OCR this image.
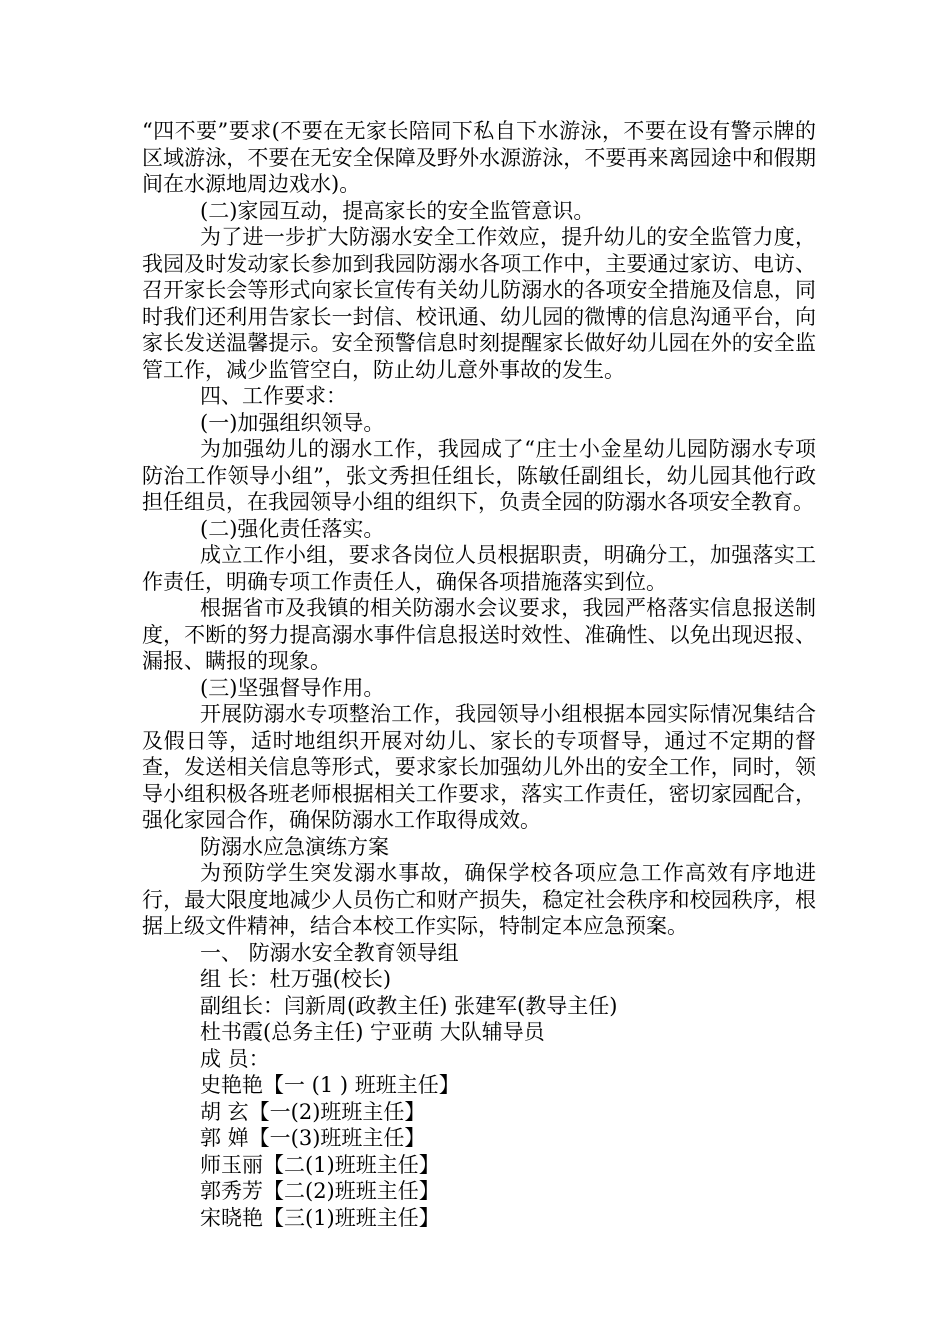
“四不要”要求(不要在无家长陪同下私自下水游泳，不要在设有警示牌的区域游泳，不要在无安全保障及野外水源游泳，不要再来离园途中和假期间在水源地周边戏水)。

(二)家园互动，提高家长的安全监管意识。

为了进一步扩大防溺水安全工作效应，提升幼儿的安全监管力度，我园及时发动家长参加到我园防溺水各项工作中，主要通过家访、电访、召开家长会等形式向家长宣传有关幼儿防溺水的各项安全措施及信息，同时我们还利用告家长一封信、校讯通、幼儿园的微博的信息沟通平台，向家长发送温馨提示。安全预警信息时刻提醒家长做好幼儿园在外的安全监管工作，减少监管空白，防止幼儿意外事故的发生。

四、工作要求：

(一)加强组织领导。

为加强幼儿的溺水工作，我园成了“庄士小金星幼儿园防溺水专项防治工作领导小组”，张文秀担任组长，陈敏任副组长，幼儿园其他行政担任组员，在我园领导小组的组织下，负责全园的防溺水各项安全教育。

(二)强化责任落实。

成立工作小组，要求各岗位人员根据职责，明确分工，加强落实工作责任，明确专项工作责任人，确保各项措施落实到位。

根据省市及我镇的相关防溺水会议要求，我园严格落实信息报送制度，不断的努力提高溺水事件信息报送时效性、准确性、以免出现迟报、漏报、瞒报的现象。

(三)坚强督导作用。

开展防溺水专项整治工作，我园领导小组根据本园实际情况集结合及假日等，适时地组织开展对幼儿、家长的专项督导，通过不定期的督查，发送相关信息等形式，要求家长加强幼儿外出的安全工作，同时，领导小组积极各班老师根据相关工作要求，落实工作责任，密切家园配合，强化家园合作，确保防溺水工作取得成效。

防溺水应急演练方案

为预防学生突发溺水事故，确保学校各项应急工作高效有序地进行，最大限度地减少人员伤亡和财产损失，稳定社会秩序和校园秩序，根据上级文件精神，结合本校工作实际，特制定本应急预案。

一、 防溺水安全教育领导组

组 长：杜万强(校长)

副组长：闫新周(政教主任) 张建军(教导主任)

杜书霞(总务主任) 宁亚萌 大队辅导员

成 员：

史艳艳【一 (1 ) 班班主任】

胡 玄【一(2)班班主任】

郭 婵【一(3)班班主任】

师玉丽【二(1)班班主任】

郭秀芳【二(2)班班主任】

宋晓艳【三(1)班班主任】
